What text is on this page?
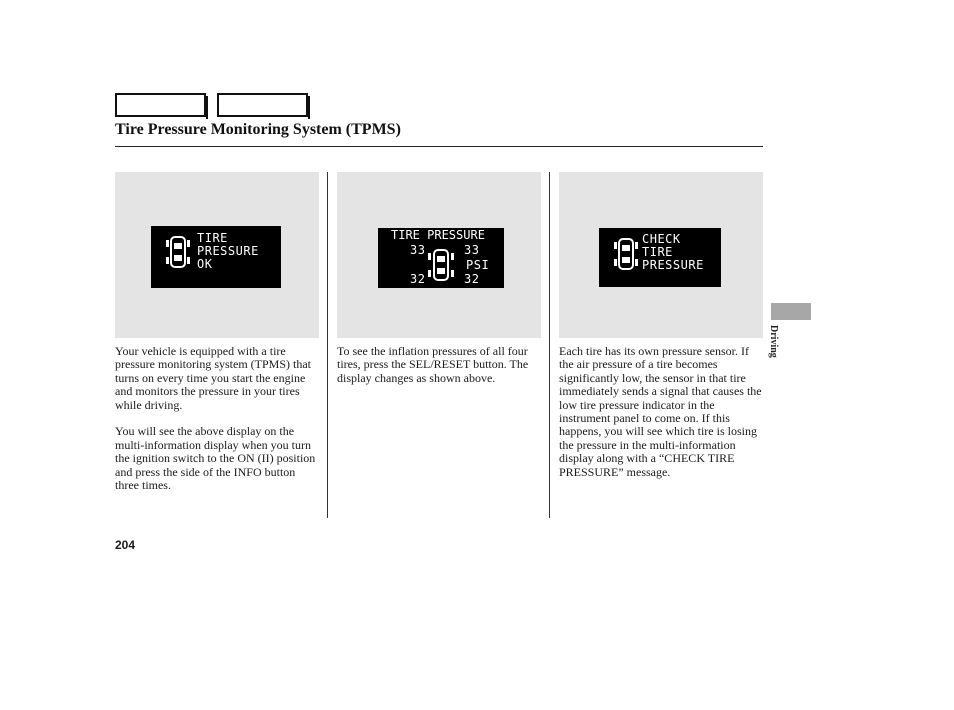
Tire Pressure Monitoring System (TPMS)
TIRE
PRESSURE
OK
TIRE PRESSURE
33	33
PSI
32	32
CHECK
TIRE
PRESSURE

Your vehicle is equipped with a tire pressure monitoring system (TPMS) that turns on every time you start the engine and monitors the pressure in your tires while driving.

You will see the above display on the multi-information display when you turn the ignition switch to the ON (II) position and press the side of the INFO button three times.

To see the inflation pressures of all four tires, press the SEL/RESET button. The display changes as shown above.

Each tire has its own pressure sensor. If the air pressure of a tire becomes significantly low, the sensor in that tire immediately sends a signal that causes the low tire pressure indicator in the instrument panel to come on. If this happens, you will see which tire is losing the pressure in the multi-information display along with a “CHECK TIRE PRESSURE” message.

204
Driving
